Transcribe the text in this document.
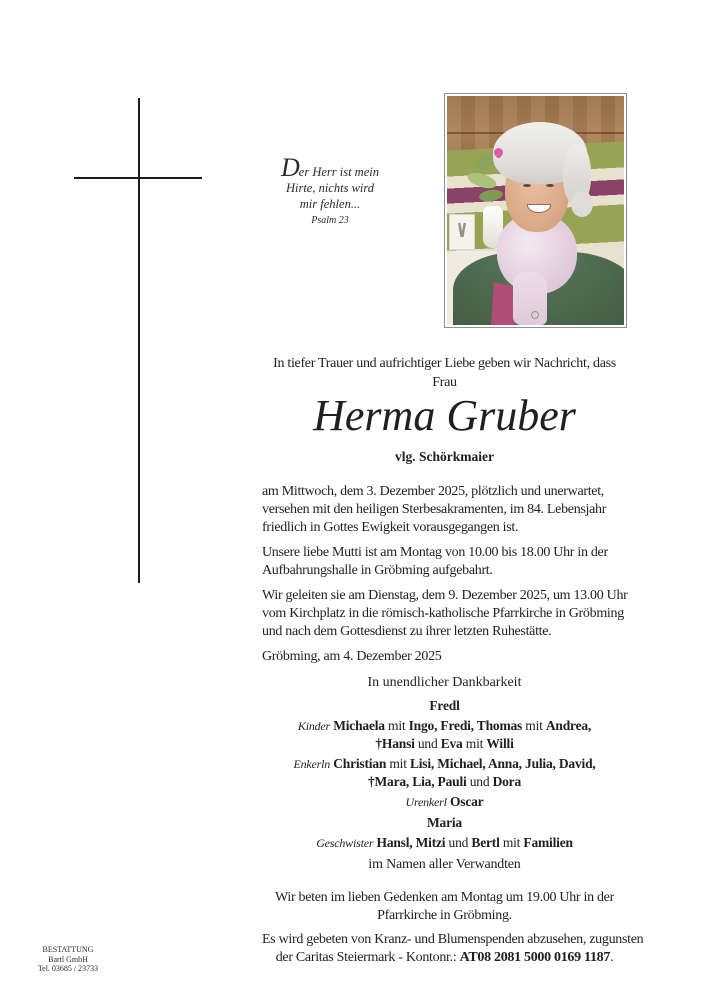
Der Herr ist mein
Hirte, nichts wird
mir fehlen...
Psalm 23
In tiefer Trauer und aufrichtiger Liebe geben wir Nachricht, dass
Frau
Herma Gruber
vlg. Schörkmaier

am Mittwoch, dem 3. Dezember 2025, plötzlich und unerwartet,
versehen mit den heiligen Sterbesakramenten, im 84. Lebensjahr
friedlich in Gottes Ewigkeit vorausgegangen ist.

Unsere liebe Mutti ist am Montag von 10.00 bis 18.00 Uhr in der
Aufbahrungshalle in Gröbming aufgebahrt.

Wir geleiten sie am Dienstag, dem 9. Dezember 2025, um 13.00 Uhr
vom Kirchplatz in die römisch-katholische Pfarrkirche in Gröbming
und nach dem Gottesdienst zu ihrer letzten Ruhestätte.

Gröbming, am 4. Dezember 2025

In unendlicher Dankbarkeit
Fredl
Kinder Michaela mit Ingo, Fredi, Thomas mit Andrea,
†Hansi und Eva mit Willi
Enkerln Christian mit Lisi, Michael, Anna, Julia, David,
†Mara, Lia, Pauli und Dora
Urenkerl Oscar
Maria
Geschwister Hansl, Mitzi und Bertl mit Familien
im Namen aller Verwandten
Wir beten im lieben Gedenken am Montag um 19.00 Uhr in der
Pfarrkirche in Gröbming.
Es wird gebeten von Kranz- und Blumenspenden abzusehen, zugunsten
der Caritas Steiermark - Kontonr.: AT08 2081 5000 0169 1187.
BESTATTUNG
Bartl GmbH
Tel. 03685 / 23733
